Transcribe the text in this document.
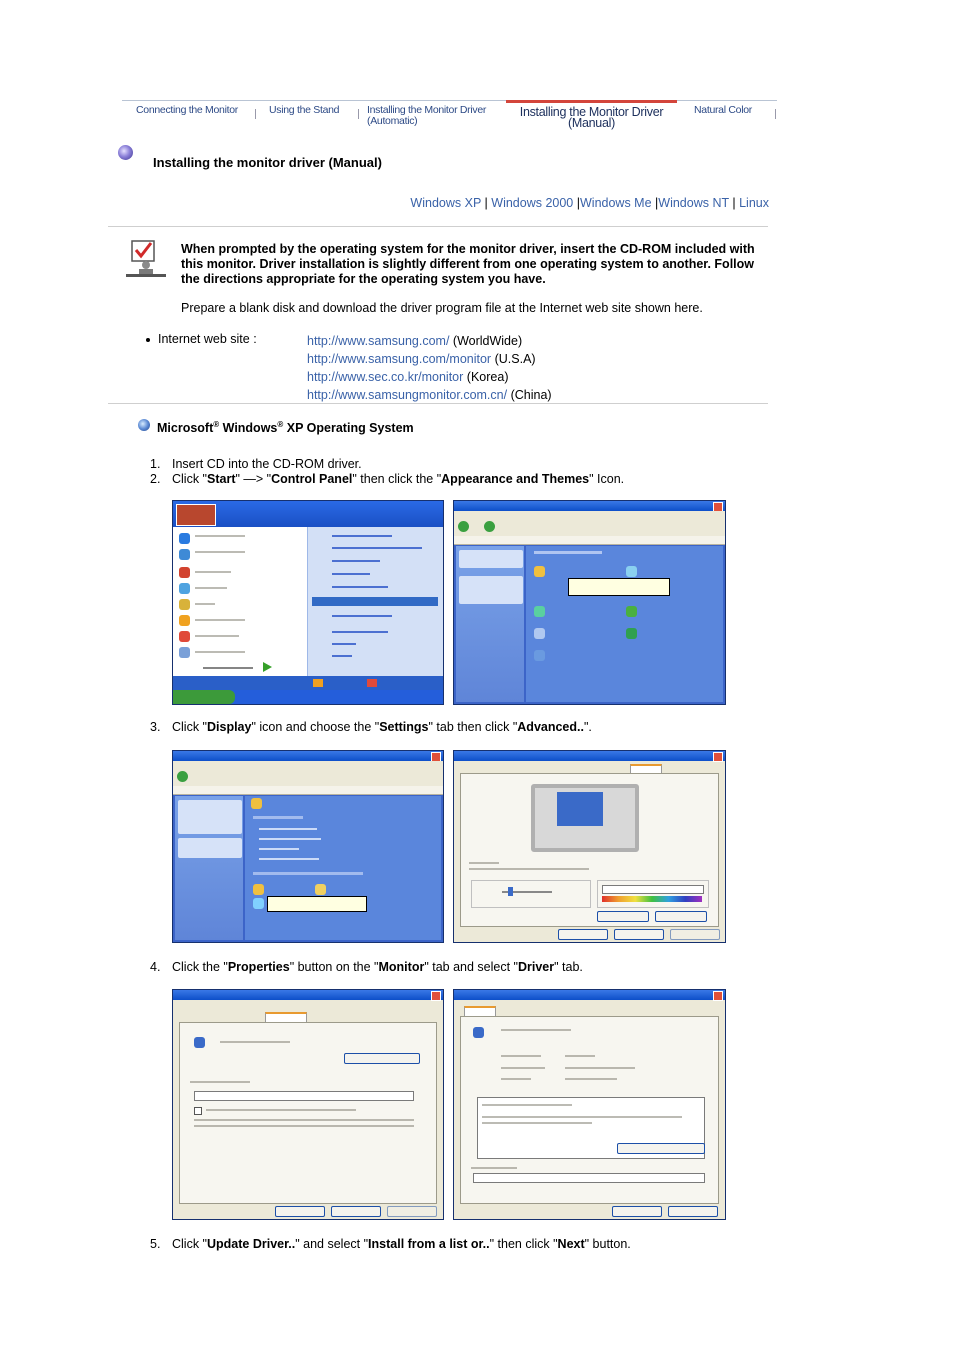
Connecting the Monitor	Using the Stand	Installing the Monitor Driver (Automatic)
Installing the Monitor Driver (Manual)
Natural Color
Installing the monitor driver (Manual)
Windows XP | Windows 2000 |Windows Me |Windows NT | Linux
When prompted by the operating system for the monitor driver, insert the CD-ROM included with this monitor. Driver installation is slightly different from one operating system to another. Follow the directions appropriate for the operating system you have.
Prepare a blank disk and download the driver program file at the Internet web site shown here.
Internet web site :	http://www.samsung.com/ (WorldWide)
http://www.samsung.com/monitor (U.S.A)
http://www.sec.co.kr/monitor (Korea)
http://www.samsungmonitor.com.cn/ (China)
Microsoft® Windows® XP Operating System
1. Insert CD into the CD-ROM driver.
2. Click "Start" —> "Control Panel" then click the "Appearance and Themes" Icon.
3. Click "Display" icon and choose the "Settings" tab then click "Advanced..".
4. Click the "Properties" button on the "Monitor" tab and select "Driver" tab.
5. Click "Update Driver.." and select "Install from a list or.." then click "Next" button.
